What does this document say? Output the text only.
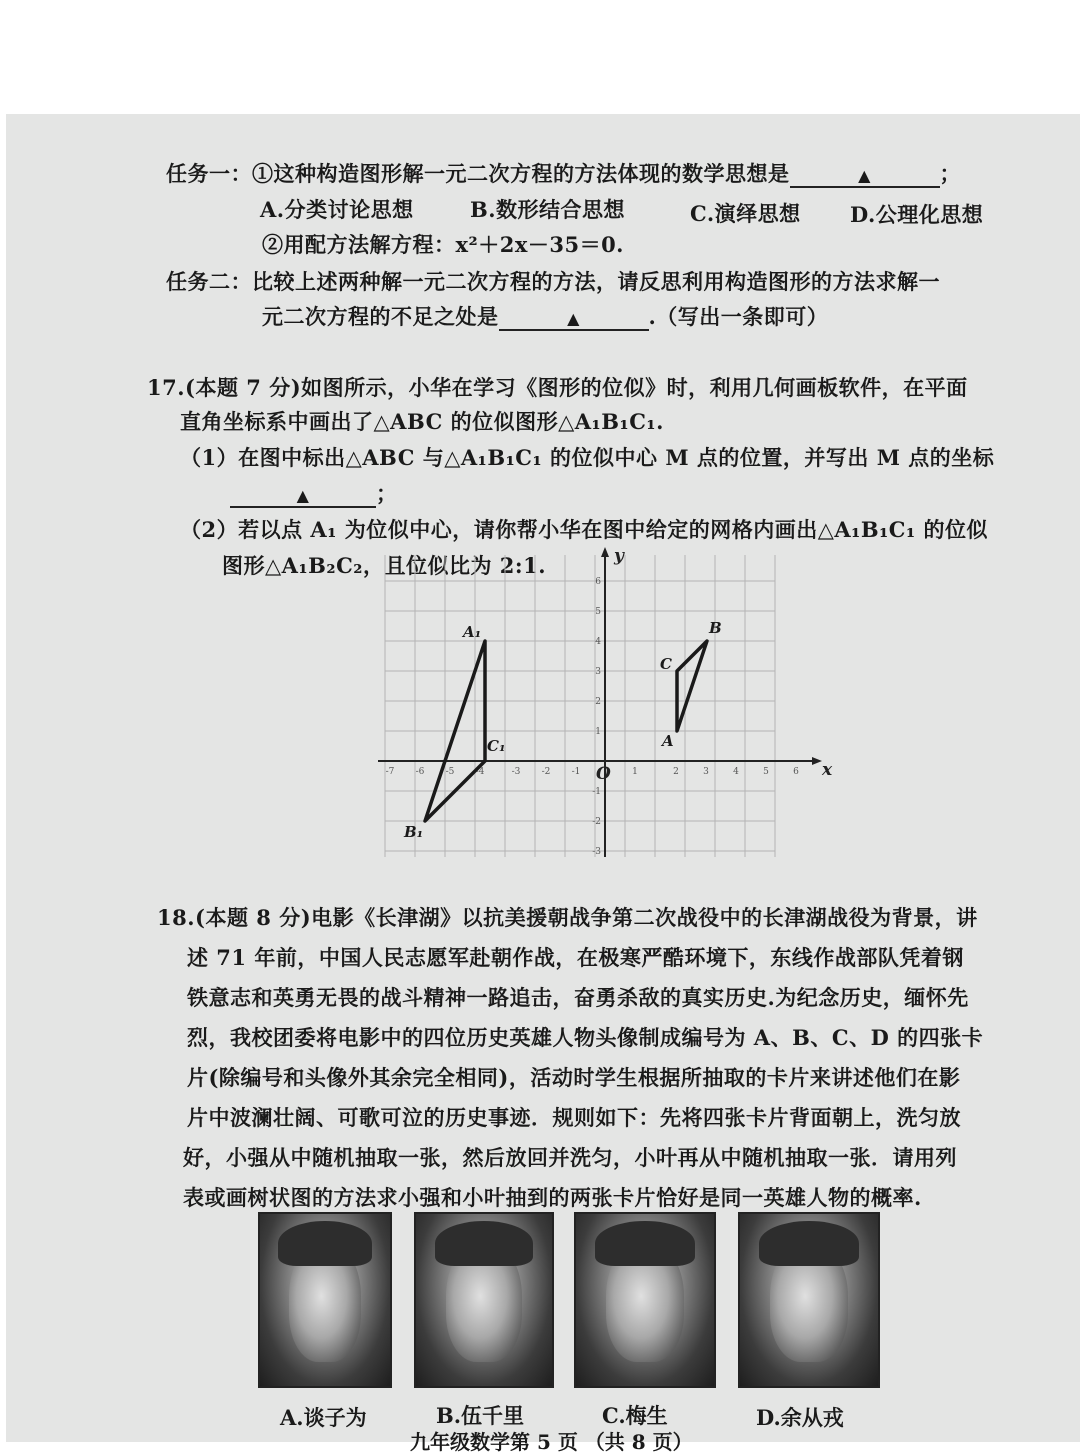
任务一：①这种构造图形解一元二次方程的方法体现的数学思想是	▲	；
A.分类讨论思想	B.数形结合思想	C.演绎思想 D.公理化思想
②用配方法解方程：x²＋2x－35＝0.
任务二：比较上述两种解一元二次方程的方法，请反思利用构造图形的方法求解一
元二次方程的不足之处是	▲	.（写出一条即可）
17.(本题 7 分)如图所示，小华在学习《图形的位似》时，利用几何画板软件，在平面
直角坐标系中画出了△ABC 的位似图形△A₁B₁C₁.
（1）在图中标出△ABC 与△A₁B₁C₁ 的位似中心 M 点的位置，并写出 M 点的坐标
▲	；
（2）若以点 A₁ 为位似中心，请你帮小华在图中给定的网格内画出△A₁B₁C₁ 的位似
图形△A₁B₂C₂，且位似比为 2:1.
x
y
O
-7 -6 -5 -4	-3 -2 -1	1	2	3	4	5	6
6
5
4
3
2
1
-1
-2
-3
A₁
B₁
C₁	A
B
C
18.(本题 8 分)电影《长津湖》以抗美援朝战争第二次战役中的长津湖战役为背景，讲
述 71 年前，中国人民志愿军赴朝作战，在极寒严酷环境下，东线作战部队凭着钢
铁意志和英勇无畏的战斗精神一路追击，奋勇杀敌的真实历史.为纪念历史，缅怀先
烈，我校团委将电影中的四位历史英雄人物头像制成编号为 A、B、C、D 的四张卡
片(除编号和头像外其余完全相同)，活动时学生根据所抽取的卡片来讲述他们在影
片中波澜壮阔、可歌可泣的历史事迹．规则如下：先将四张卡片背面朝上，洗匀放
好，小强从中随机抽取一张，然后放回并洗匀，小叶再从中随机抽取一张．请用列
表或画树状图的方法求小强和小叶抽到的两张卡片恰好是同一英雄人物的概率.
A.谈子为	B.伍千里	C.梅生	D.余从戎
九年级数学第 5 页 （共 8 页）
